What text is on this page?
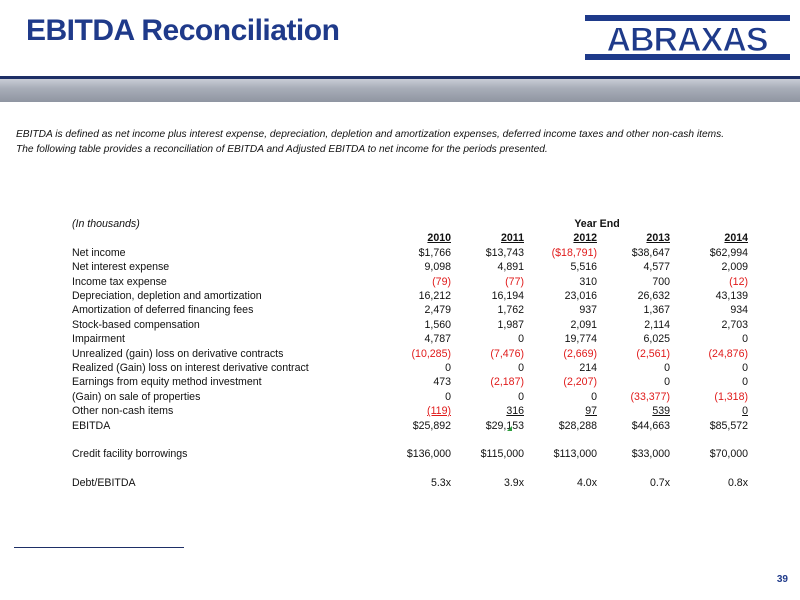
EBITDA Reconciliation	ABRAXAS
EBITDA is defined as net income plus interest expense, depreciation, depletion and amortization expenses, deferred income taxes and other non-cash items.
The following table provides a reconciliation of EBITDA and Adjusted EBITDA to net income for the periods presented.
(In thousands)			Year End		
	2010	2011	2012	2013	2014
Net income	$1,766	$13,743	($18,791)	$38,647	$62,994
Net interest expense	9,098	4,891	5,516	4,577	2,009
Income tax expense	(79)	(77)	310	700	(12)
Depreciation, depletion and amortization	16,212	16,194	23,016	26,632	43,139
Amortization of deferred financing fees	2,479	1,762	937	1,367	934
Stock-based compensation	1,560	1,987	2,091	2,114	2,703
Impairment	4,787	0	19,774	6,025	0
Unrealized (gain) loss on derivative contracts	(10,285)	(7,476)	(2,669)	(2,561)	(24,876)
Realized (Gain) loss on interest derivative contract	0	0	214	0	0
Earnings from equity method investment	473	(2,187)	(2,207)	0	0
(Gain) on sale of properties	0	0	0	(33,377)	(1,318)
Other non-cash items	(119)	316	97	539	0
EBITDA	$25,892	$29,153	$28,288	$44,663	$85,572

Credit facility borrowings	$136,000	$115,000	$113,000	$33,000	$70,000

Debt/EBITDA	5.3x	3.9x	4.0x	0.7x	0.8x
39
